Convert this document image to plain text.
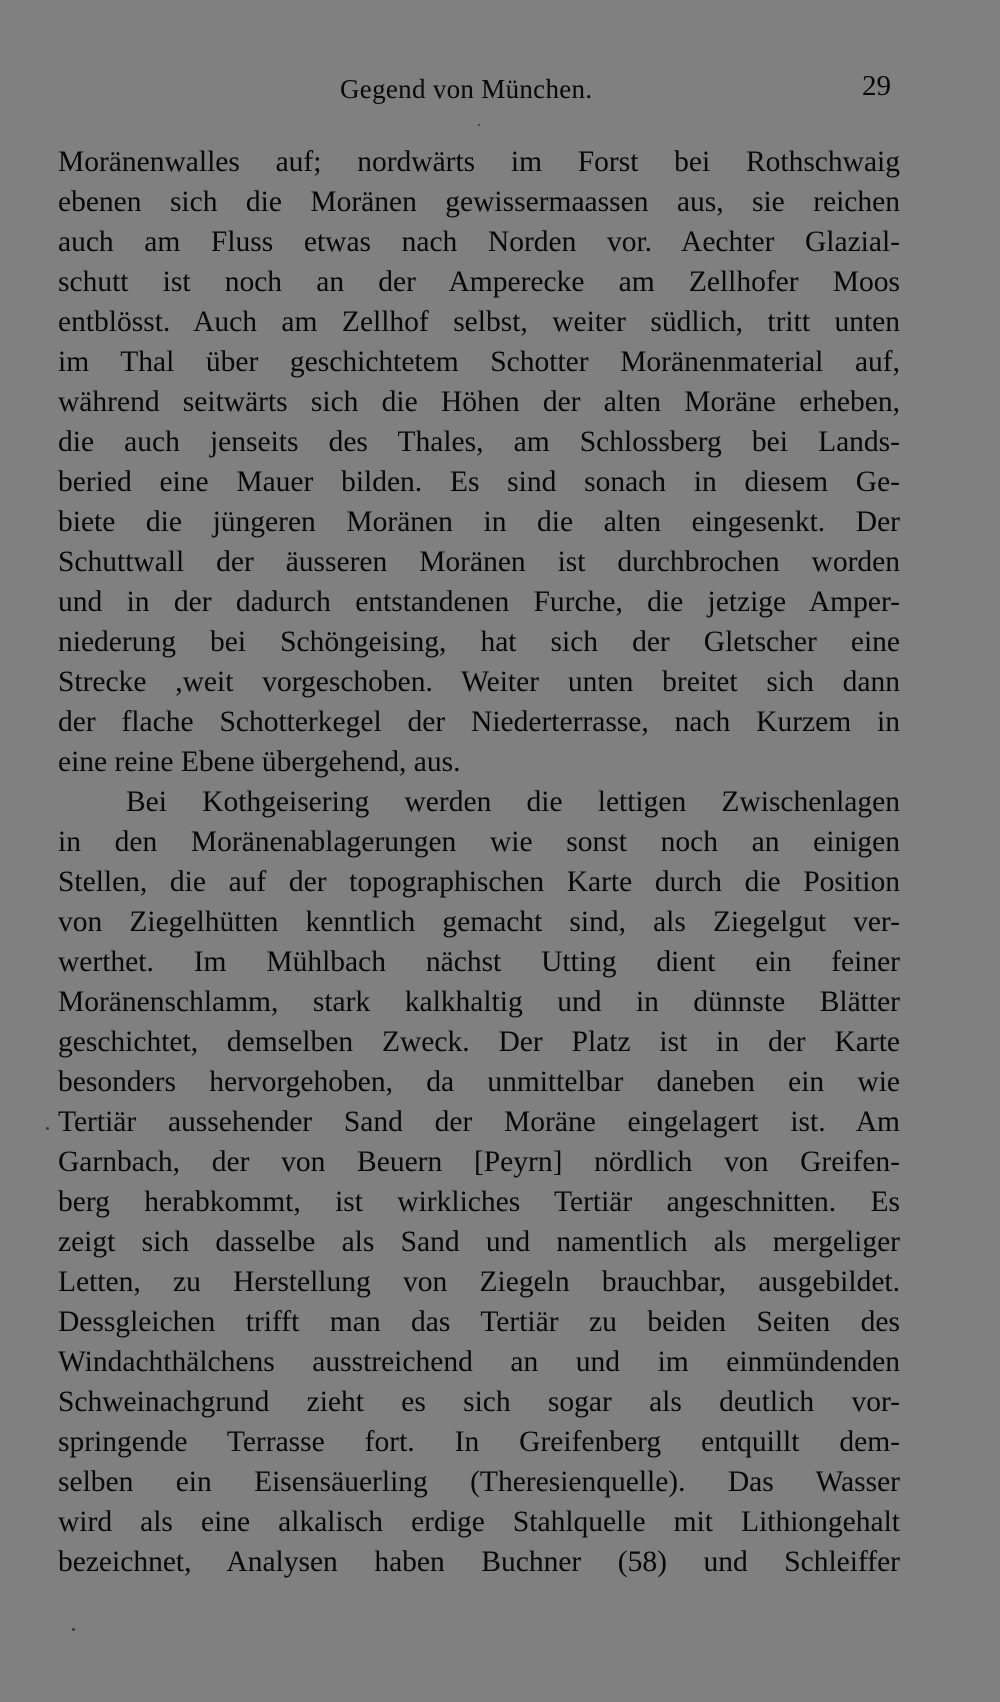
Gegend von München.	29
Moränenwalles auf; nordwärts im Forst bei Rothschwaig
ebenen sich die Moränen gewissermaassen aus, sie reichen
auch am Fluss etwas nach Norden vor. Aechter Glazial-
schutt ist noch an der Amperecke am Zellhofer Moos
entblösst. Auch am Zellhof selbst, weiter südlich, tritt unten
im Thal über geschichtetem Schotter Moränenmaterial auf,
während seitwärts sich die Höhen der alten Moräne erheben,
die auch jenseits des Thales, am Schlossberg bei Lands-
beried eine Mauer bilden. Es sind sonach in diesem Ge-
biete die jüngeren Moränen in die alten eingesenkt. Der
Schuttwall der äusseren Moränen ist durchbrochen worden
und in der dadurch entstandenen Furche, die jetzige Amper-
niederung bei Schöngeising, hat sich der Gletscher eine
Strecke ,weit vorgeschoben. Weiter unten breitet sich dann
der flache Schotterkegel der Niederterrasse, nach Kurzem in
eine reine Ebene übergehend, aus.
Bei Kothgeisering werden die lettigen Zwischenlagen
in den Moränenablagerungen wie sonst noch an einigen
Stellen, die auf der topographischen Karte durch die Position
von Ziegelhütten kenntlich gemacht sind, als Ziegelgut ver-
werthet. Im Mühlbach nächst Utting dient ein feiner
Moränenschlamm, stark kalkhaltig und in dünnste Blätter
geschichtet, demselben Zweck. Der Platz ist in der Karte
besonders hervorgehoben, da unmittelbar daneben ein wie
Tertiär aussehender Sand der Moräne eingelagert ist. Am
Garnbach, der von Beuern [Peyrn] nördlich von Greifen-
berg herabkommt, ist wirkliches Tertiär angeschnitten. Es
zeigt sich dasselbe als Sand und namentlich als mergeliger
Letten, zu Herstellung von Ziegeln brauchbar, ausgebildet.
Dessgleichen trifft man das Tertiär zu beiden Seiten des
Windachthälchens ausstreichend an und im einmündenden
Schweinachgrund zieht es sich sogar als deutlich vor-
springende Terrasse fort. In Greifenberg entquillt dem-
selben ein Eisensäuerling (Theresienquelle). Das Wasser
wird als eine alkalisch erdige Stahlquelle mit Lithiongehalt
bezeichnet, Analysen haben Buchner (58) und Schleiffer
